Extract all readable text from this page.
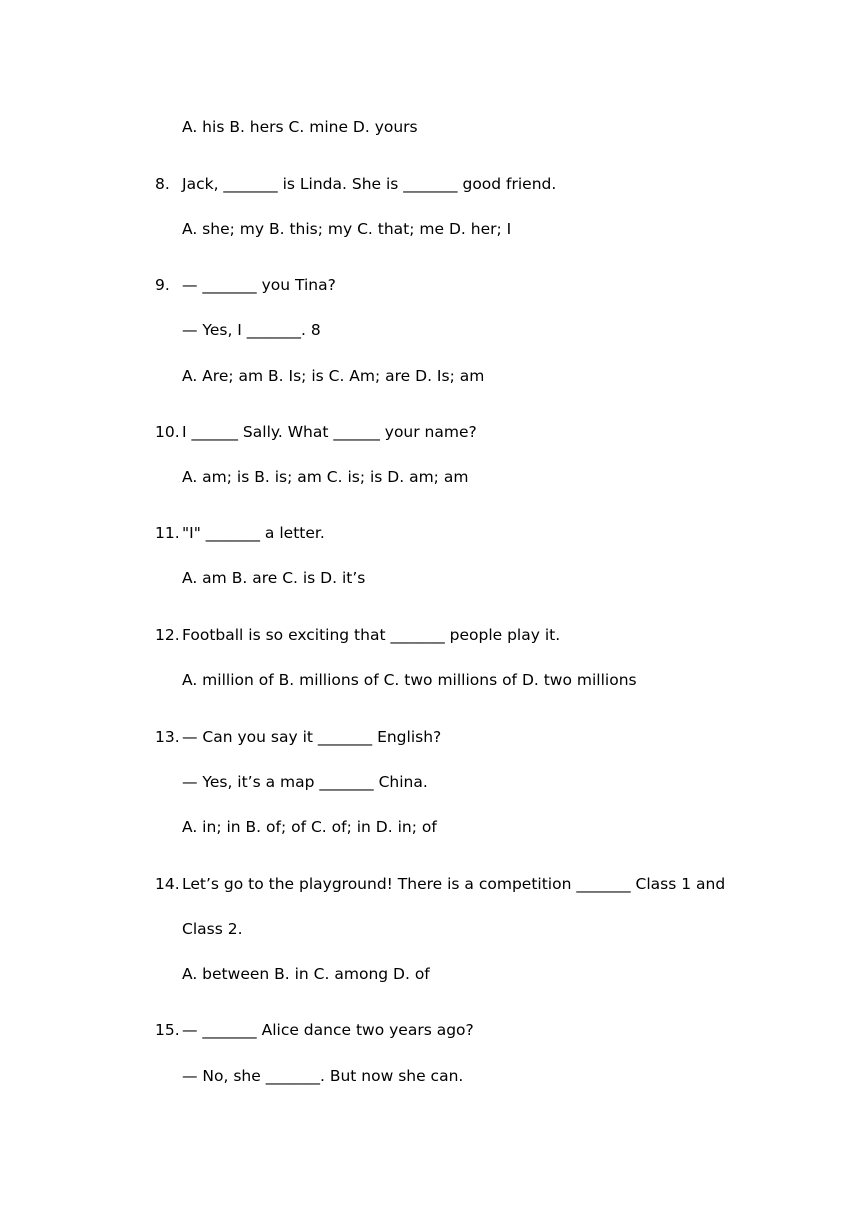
A. his B. hers C. mine D. yours
8. Jack, _______ is Linda. She is _______ good friend.
A. she; my B. this; my C. that; me D. her; I
9. — _______ you Tina?
— Yes, I _______. 8
A. Are; am B. Is; is C. Am; are D. Is; am
10. I ______ Sally. What ______ your name?
A. am; is B. is; am C. is; is D. am; am
11. "I" _______ a letter.
A. am B. are C. is D. it’s
12. Football is so exciting that _______ people play it.
A. million of B. millions of C. two millions of D. two millions
13. — Can you say it _______ English?
— Yes, it’s a map _______ China.
A. in; in B. of; of C. of; in D. in; of
14. Let’s go to the playground! There is a competition _______ Class 1 and
Class 2.
A. between B. in C. among D. of
15. — _______ Alice dance two years ago?
— No, she _______. But now she can.
